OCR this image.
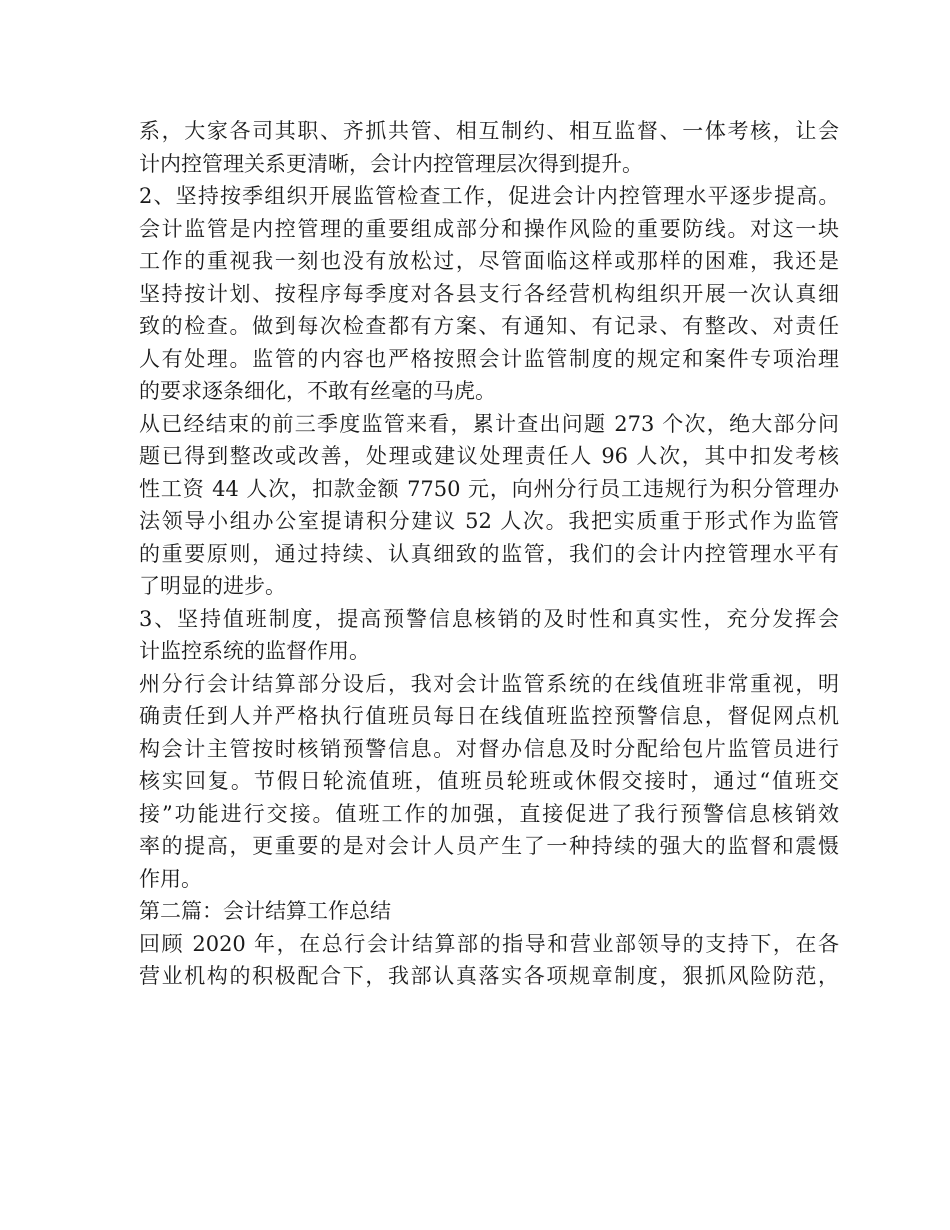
系，大家各司其职、齐抓共管、相互制约、相互监督、一体考核，让会
计内控管理关系更清晰，会计内控管理层次得到提升。
2、坚持按季组织开展监管检查工作，促进会计内控管理水平逐步提高。
会计监管是内控管理的重要组成部分和操作风险的重要防线。对这一块
工作的重视我一刻也没有放松过，尽管面临这样或那样的困难，我还是
坚持按计划、按程序每季度对各县支行各经营机构组织开展一次认真细
致的检查。做到每次检查都有方案、有通知、有记录、有整改、对责任
人有处理。监管的内容也严格按照会计监管制度的规定和案件专项治理
的要求逐条细化，不敢有丝毫的马虎。
从已经结束的前三季度监管来看，累计查出问题 273 个次，绝大部分问
题已得到整改或改善，处理或建议处理责任人 96 人次，其中扣发考核
性工资 44 人次，扣款金额 7750 元，向州分行员工违规行为积分管理办
法领导小组办公室提请积分建议 52 人次。我把实质重于形式作为监管
的重要原则，通过持续、认真细致的监管，我们的会计内控管理水平有
了明显的进步。
3、坚持值班制度，提高预警信息核销的及时性和真实性，充分发挥会
计监控系统的监督作用。
州分行会计结算部分设后，我对会计监管系统的在线值班非常重视，明
确责任到人并严格执行值班员每日在线值班监控预警信息，督促网点机
构会计主管按时核销预警信息。对督办信息及时分配给包片监管员进行
核实回复。节假日轮流值班，值班员轮班或休假交接时，通过“值班交
接”功能进行交接。值班工作的加强，直接促进了我行预警信息核销效
率的提高，更重要的是对会计人员产生了一种持续的强大的监督和震慑
作用。
第二篇：会计结算工作总结
回顾 2020 年，在总行会计结算部的指导和营业部领导的支持下，在各
营业机构的积极配合下，我部认真落实各项规章制度，狠抓风险防范，
